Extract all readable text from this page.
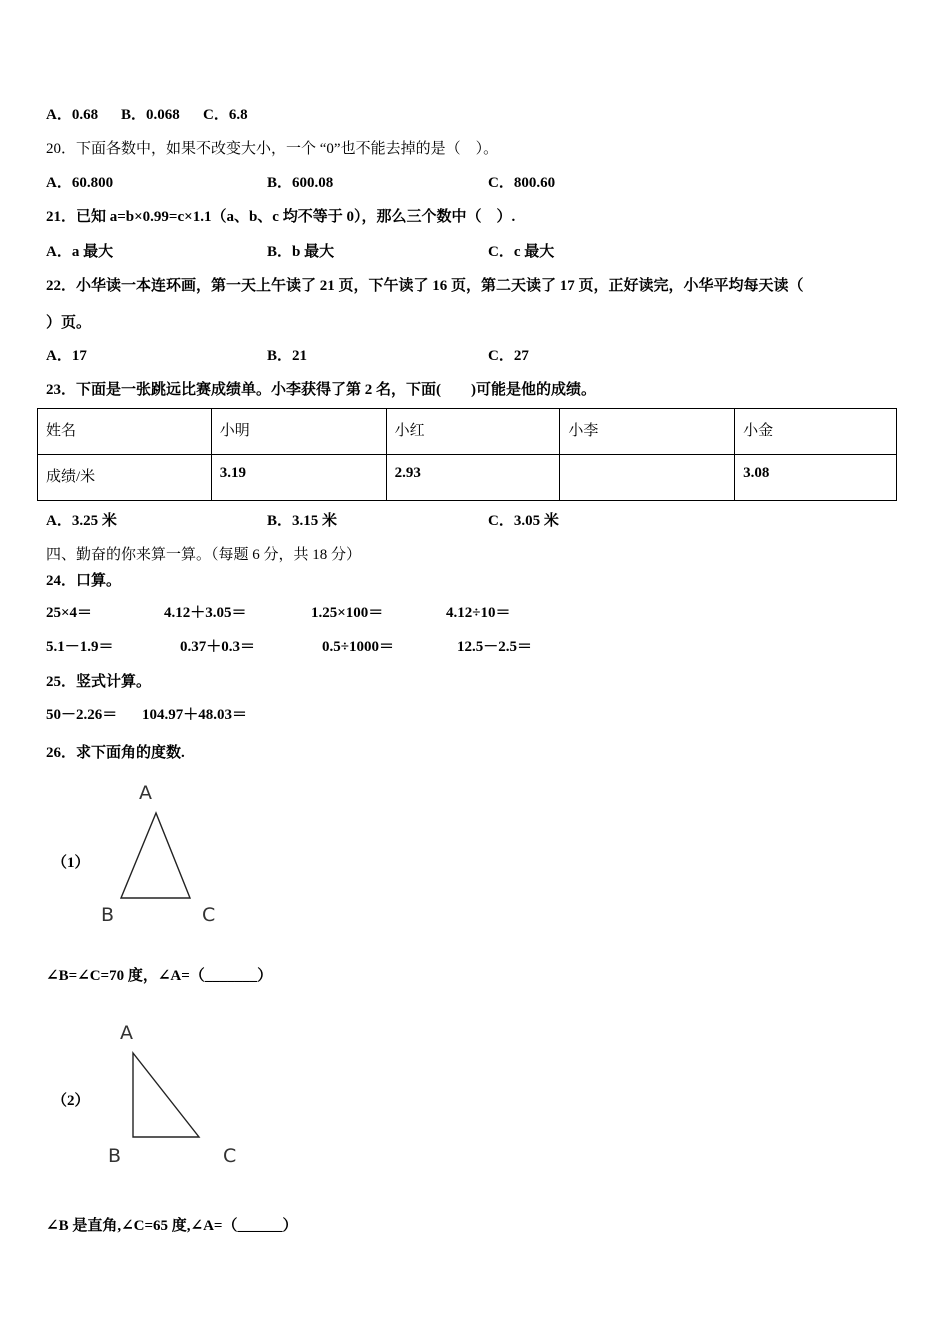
A．0.68 B．0.068 C．6.8
20．下面各数中，如果不改变大小，一个 “0”也不能去掉的是（　）。
A．60.800	B．600.08	C．800.60
21．已知 a=b×0.99=c×1.1（a、b、c 均不等于 0），那么三个数中（　）.
A．a 最大	B．b 最大	C．c 最大
22．小华读一本连环画，第一天上午读了 21 页，下午读了 16 页，第二天读了 17 页，正好读完，小华平均每天读（
）页。
A．17	B．21	C．27
23．下面是一张跳远比赛成绩单。小李获得了第 2 名，下面(　　)可能是他的成绩。
姓名	小明	小红	小李	小金
成绩/米	3.19	2.93		3.08
A．3.25 米	B．3.15 米	C．3.05 米
四、勤奋的你来算一算。（每题 6 分，共 18 分）
24．口算。
25×4＝	4.12＋3.05＝	1.25×100＝	4.12÷10＝
5.1－1.9＝	0.37＋0.3＝	0.5÷1000＝	12.5－2.5＝
25．竖式计算。
50－2.26＝ 104.97＋48.03＝
26．求下面角的度数.
（1）
A
B	C
∠B=∠C=70 度，∠A=（_______）
（2）
A
B	C
∠B 是直角,∠C=65 度,∠A=（______）
